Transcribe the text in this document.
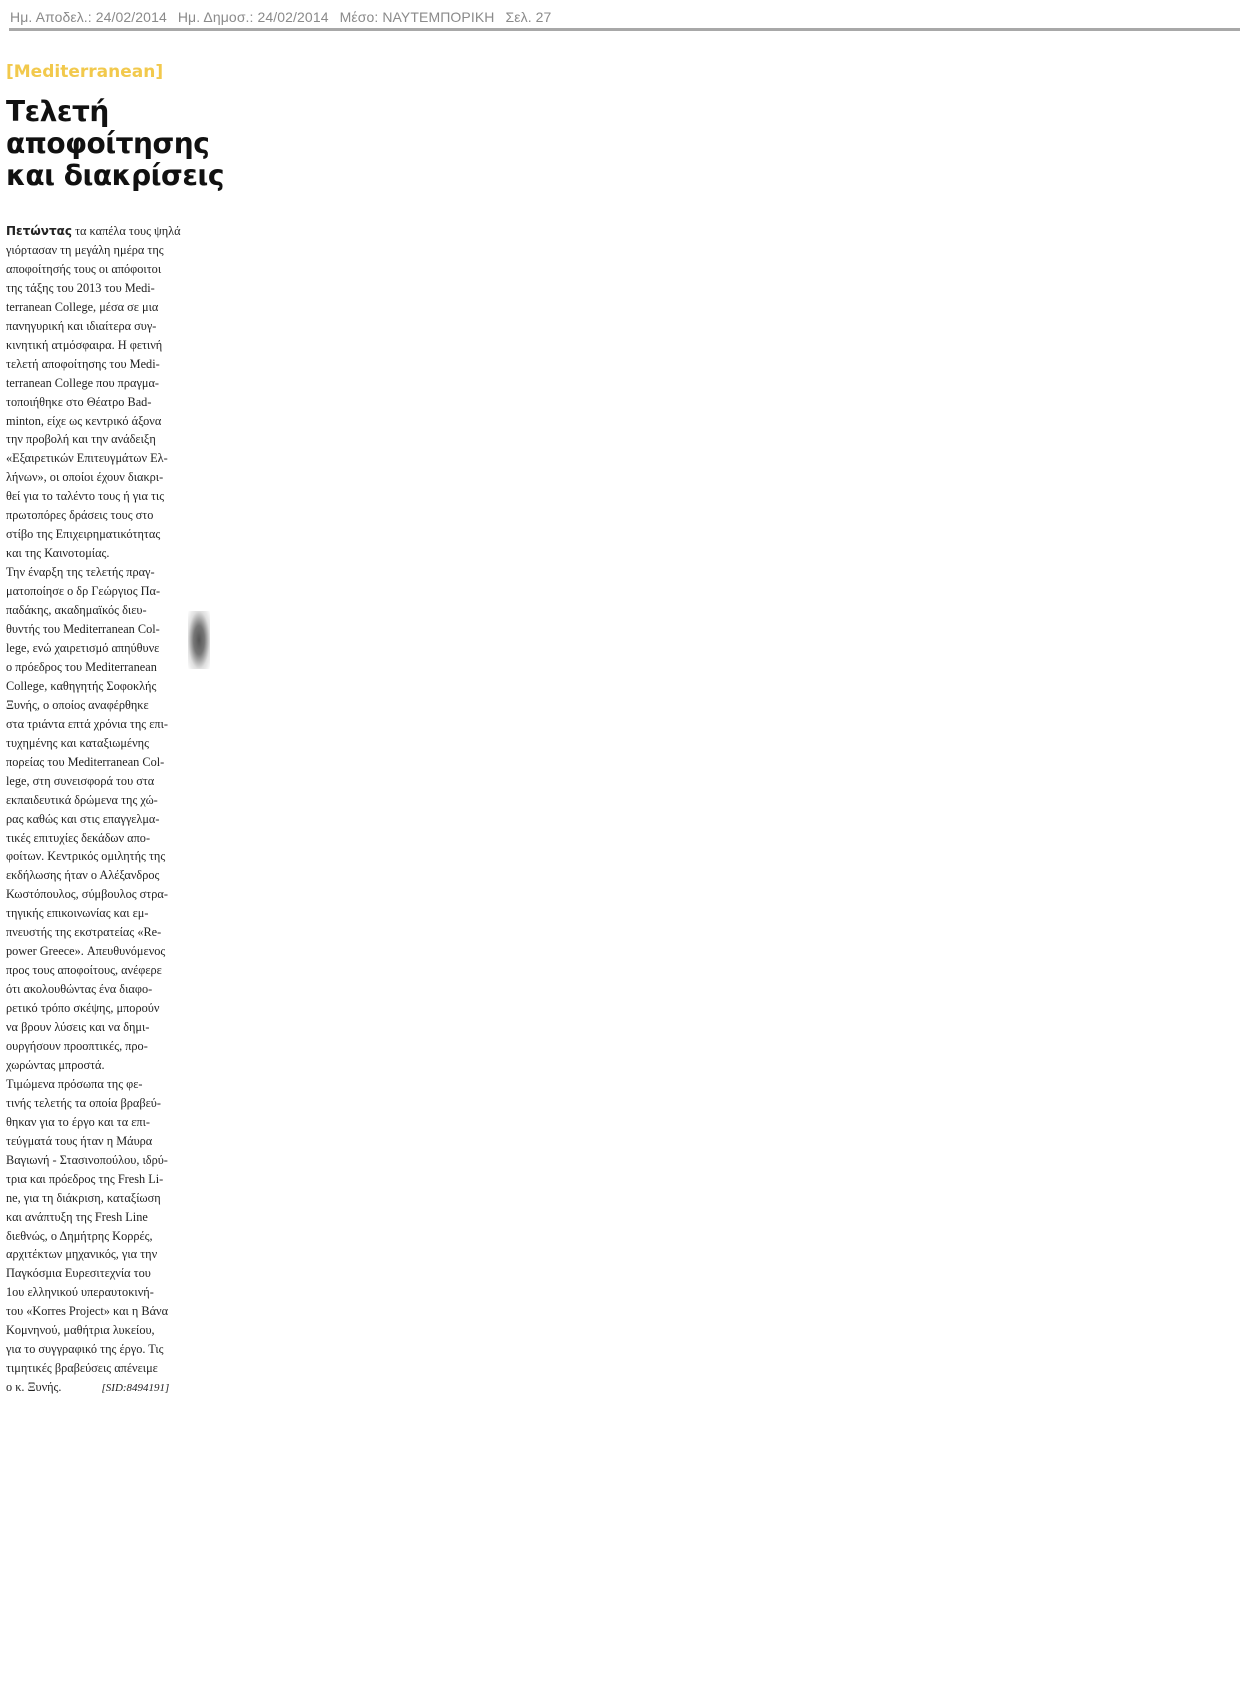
Ημ. Αποδελ.: 24/02/2014 Ημ. Δημοσ.: 24/02/2014 Μέσο: ΝΑΥΤΕΜΠΟΡΙΚΗ Σελ. 27
[Mediterranean]
Τελετή
αποφοίτησης
και διακρίσεις
Πετώντας τα καπέλα τους ψηλά
γιόρτασαν τη μεγάλη ημέρα της
αποφοίτησής τους οι απόφοιτοι
της τάξης του 2013 του Medi-
terranean College, μέσα σε μια
πανηγυρική και ιδιαίτερα συγ-
κινητική ατμόσφαιρα. Η φετινή
τελετή αποφοίτησης του Medi-
terranean College που πραγμα-
τοποιήθηκε στο Θέατρο Bad-
minton, είχε ως κεντρικό άξονα
την προβολή και την ανάδειξη
«Εξαιρετικών Επιτευγμάτων Ελ-
λήνων», οι οποίοι έχουν διακρι-
θεί για το ταλέντο τους ή για τις
πρωτοπόρες δράσεις τους στο
στίβο της Επιχειρηματικότητας
και της Καινοτομίας.
Την έναρξη της τελετής πραγ-
ματοποίησε ο δρ Γεώργιος Πα-
παδάκης, ακαδημαϊκός διευ-
θυντής του Mediterranean Col-
lege, ενώ χαιρετισμό απηύθυνε
ο πρόεδρος του Mediterranean
College, καθηγητής Σοφοκλής
Ξυνής, ο οποίος αναφέρθηκε
στα τριάντα επτά χρόνια της επι-
τυχημένης και καταξιωμένης
πορείας του Mediterranean Col-
lege, στη συνεισφορά του στα
εκπαιδευτικά δρώμενα της χώ-
ρας καθώς και στις επαγγελμα-
τικές επιτυχίες δεκάδων απο-
φοίτων. Κεντρικός ομιλητής της
εκδήλωσης ήταν ο Αλέξανδρος
Κωστόπουλος, σύμβουλος στρα-
τηγικής επικοινωνίας και εμ-
πνευστής της εκστρατείας «Re-
power Greece». Απευθυνόμενος
προς τους αποφοίτους, ανέφερε
ότι ακολουθώντας ένα διαφο-
ρετικό τρόπο σκέψης, μπορούν
να βρουν λύσεις και να δημι-
ουργήσουν προοπτικές, προ-
χωρώντας μπροστά.
Τιμώμενα πρόσωπα της φε-
τινής τελετής τα οποία βραβεύ-
θηκαν για το έργο και τα επι-
τεύγματά τους ήταν η Μάυρα
Βαγιωνή - Στασινοπούλου, ιδρύ-
τρια και πρόεδρος της Fresh Li-
ne, για τη διάκριση, καταξίωση
και ανάπτυξη της Fresh Line
διεθνώς, ο Δημήτρης Κορρές,
αρχιτέκτων μηχανικός, για την
Παγκόσμια Ευρεσιτεχνία του
1ου ελληνικού υπεραυτοκινή-
του «Korres Project» και η Βάνα
Κομνηνού, μαθήτρια λυκείου,
για το συγγραφικό της έργο. Τις
τιμητικές βραβεύσεις απένειμε
ο κ. Ξυνής.	[SID:8494191]
